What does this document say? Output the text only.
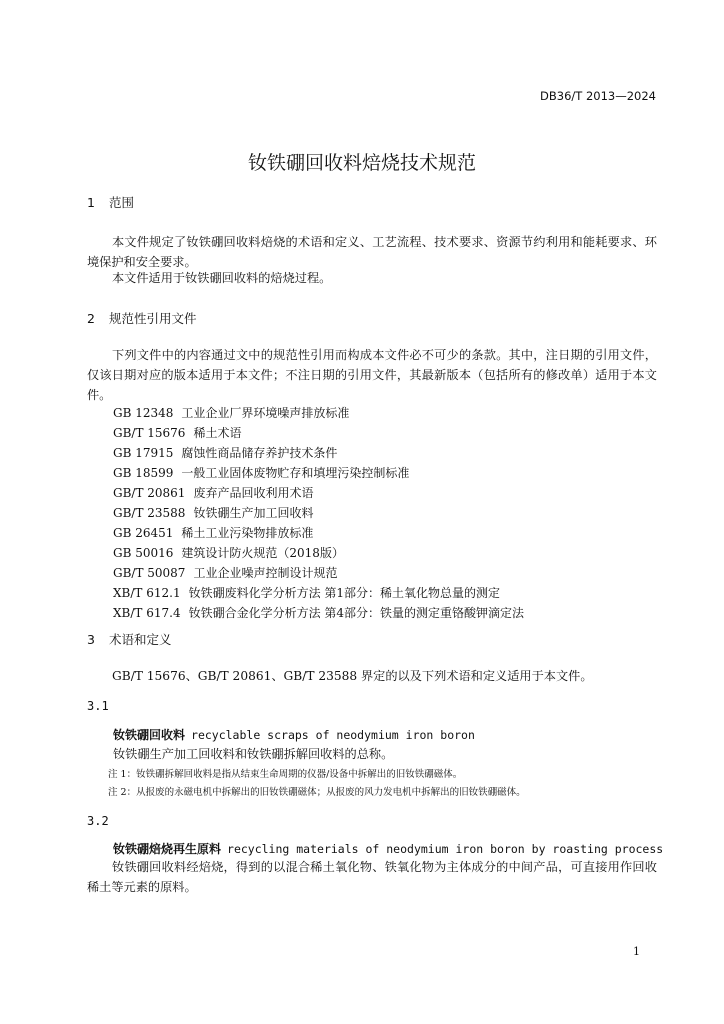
DB36/T 2013—2024
钕铁硼回收料焙烧技术规范
1 范围
本文件规定了钕铁硼回收料焙烧的术语和定义、工艺流程、技术要求、资源节约利用和能耗要求、环境保护和安全要求。
本文件适用于钕铁硼回收料的焙烧过程。
2 规范性引用文件
下列文件中的内容通过文中的规范性引用而构成本文件必不可少的条款。其中，注日期的引用文件，仅该日期对应的版本适用于本文件；不注日期的引用文件，其最新版本（包括所有的修改单）适用于本文件。
GB 12348 工业企业厂界环境噪声排放标准
GB/T 15676 稀土术语
GB 17915 腐蚀性商品储存养护技术条件
GB 18599 一般工业固体废物贮存和填埋污染控制标准
GB/T 20861 废弃产品回收利用术语
GB/T 23588 钕铁硼生产加工回收料
GB 26451 稀土工业污染物排放标准
GB 50016 建筑设计防火规范（2018版）
GB/T 50087 工业企业噪声控制设计规范
XB/T 612.1 钕铁硼废料化学分析方法 第1部分：稀土氧化物总量的测定
XB/T 617.4 钕铁硼合金化学分析方法 第4部分：铁量的测定重铬酸钾滴定法
3 术语和定义
GB/T 15676、GB/T 20861、GB/T 23588 界定的以及下列术语和定义适用于本文件。
3.1
钕铁硼回收料 recyclable scraps of neodymium iron boron
钕铁硼生产加工回收料和钕铁硼拆解回收料的总称。
注 1：钕铁硼拆解回收料是指从结束生命周期的仪器/设备中拆解出的旧钕铁硼磁体。
注 2：从报废的永磁电机中拆解出的旧钕铁硼磁体；从报废的风力发电机中拆解出的旧钕铁硼磁体。
3.2
钕铁硼焙烧再生原料 recycling materials of neodymium iron boron by roasting process
钕铁硼回收料经焙烧，得到的以混合稀土氧化物、铁氧化物为主体成分的中间产品，可直接用作回收稀土等元素的原料。
1
